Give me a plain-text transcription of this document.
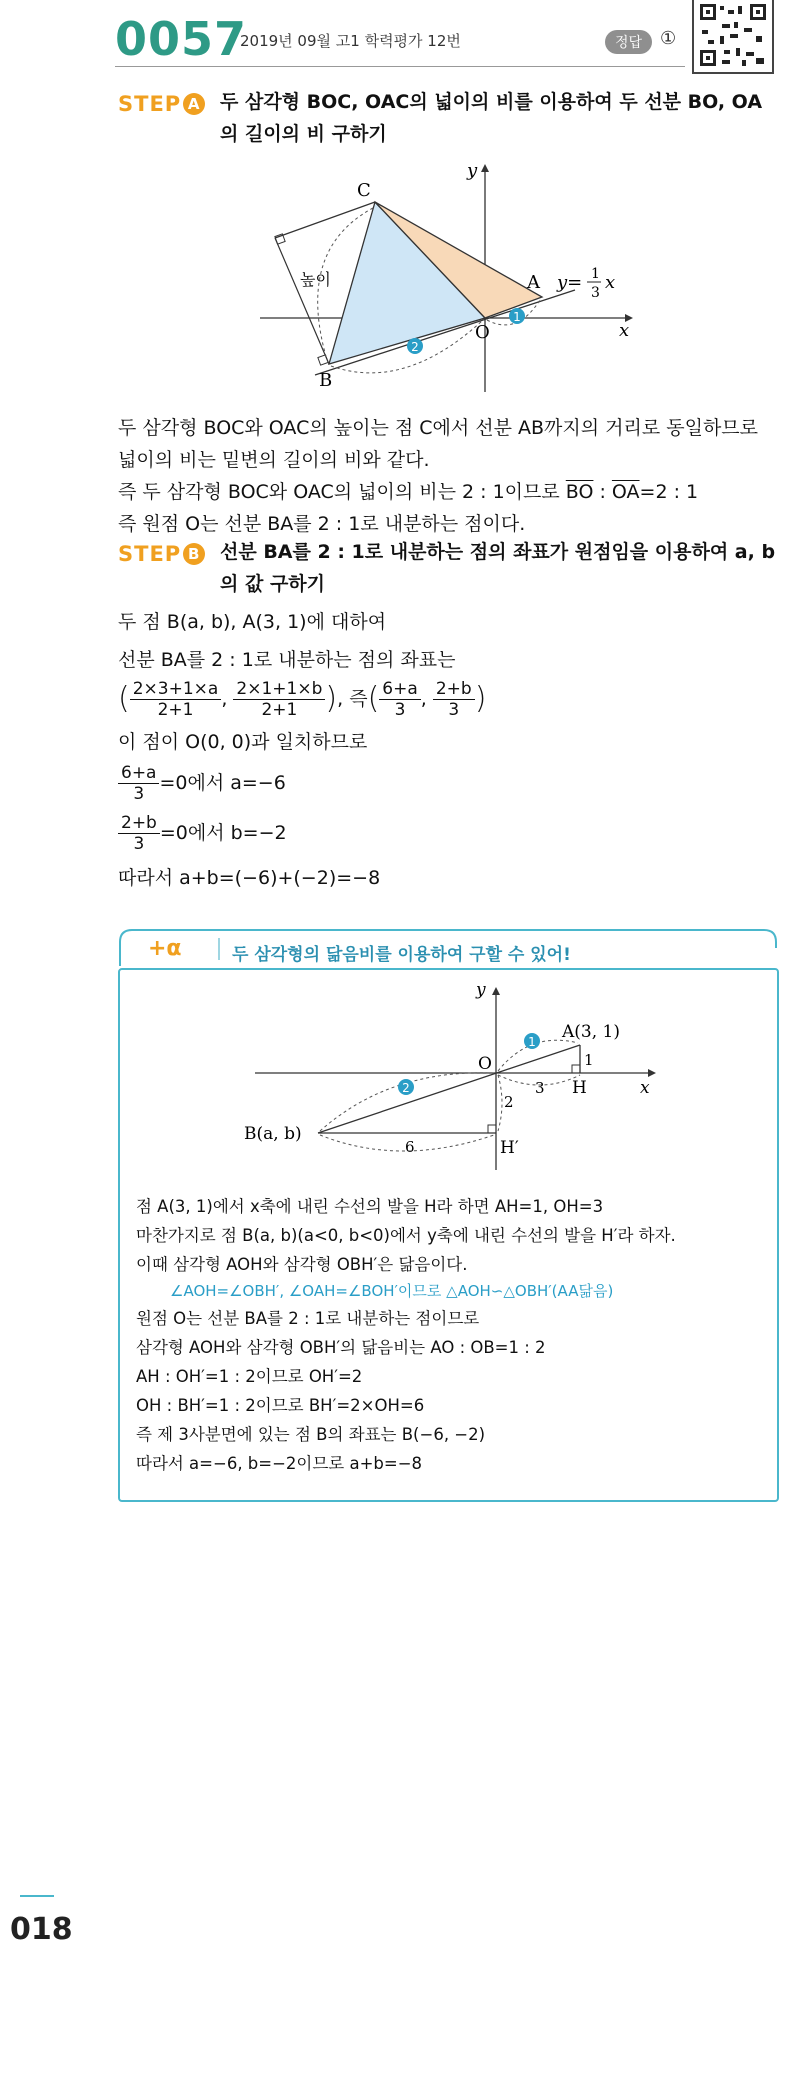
0057
2019년 09월 고1 학력평가 12번	정답 ①
STEP A 두 삼각형 BOC, OAC의 넓이의 비를 이용하여 두 선분 BO, OA
의 길이의 비 구하기
1
2
C
A
O
B
x
y
높이	y= 1
3 x
두 삼각형 BOC와 OAC의 높이는 점 C에서 선분 AB까지의 거리로 동일하므로
넓이의 비는 밑변의 길이의 비와 같다.
즉 두 삼각형 BOC와 OAC의 넓이의 비는 2 : 1이므로 $\overline{BO}$ : $\overline{OA}=2$ : 1
즉 원점 O는 선분 BA를 2 : 1로 내분하는 점이다.
STEP B 선분 BA를 2 : 1로 내분하는 점의 좌표가 원점임을 이용하여 a, b
의 값 구하기
두 점 B(a, b), A(3, 1)에 대하여
선분 BA를 2 : 1로 내분하는 점의 좌표는
( $\frac{2\times 3+1\times a}{2+1}$ , $\frac{2\times 1+1\times b}{2+1}$ ) , 즉 ( $\frac{6+a}{3}$ , $\frac{2+b}{3}$ )
이 점이 O(0, 0)과 일치하므로
$\frac{6+a}{3} =0$에서 a=−6
$\frac{2+b}{3} =0$에서 b=−2
따라서 a+b=(−6)+(−2)=−8
+α	두 삼각형의 닮음비를 이용하여 구할 수 있어!
1
2
y
x
O
A(3, 1)
H
H′
B(a, b)
1
3
2
6
점 A(3, 1)에서 x축에 내린 수선의 발을 H라 하면 AH=1, OH=3
마찬가지로 점 B(a, b)(a<0, b<0)에서 y축에 내린 수선의 발을 H′라 하자.
이때 삼각형 AOH와 삼각형 OBH′은 닮음이다.
∠AOH=∠OBH′, ∠OAH=∠BOH′이므로 △AOH∽△OBH′(AA닮음)
원점 O는 선분 BA를 2 : 1로 내분하는 점이므로
삼각형 AOH와 삼각형 OBH′의 닮음비는 AO : OB=1 : 2
AH : OH′=1 : 2이므로 OH′=2
OH : BH′=1 : 2이므로 BH′=2×OH=6
즉 제 3사분면에 있는 점 B의 좌표는 B(−6, −2)
따라서 a=−6, b=−2이므로 a+b=−8
018
